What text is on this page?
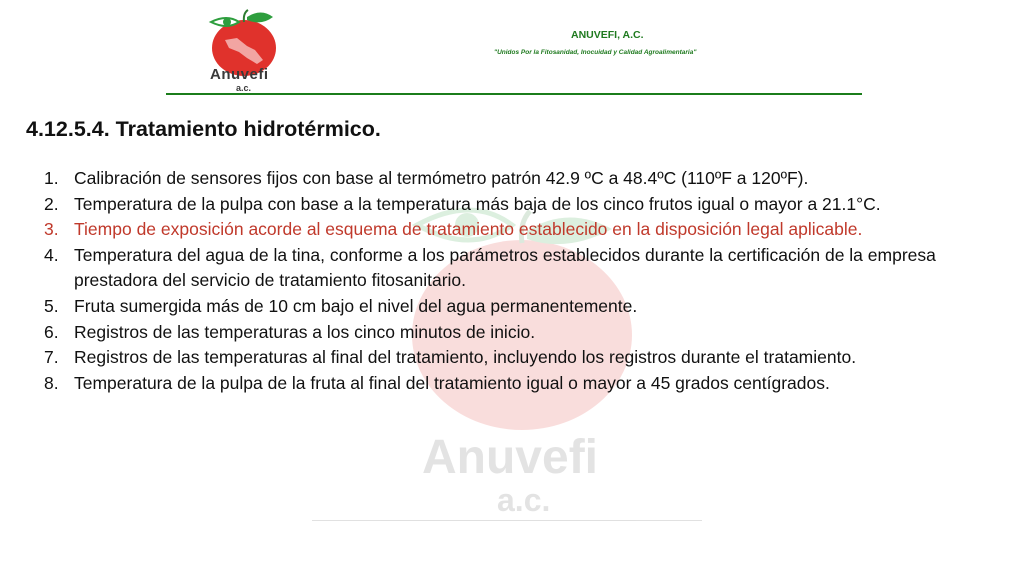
Anuvefi
a.c.
ANUVEFI, A.C.
"Unidos Por la Fitosanidad, Inocuidad y Calidad Agroalimentaria"
Anuvefi
a.c.
4.12.5.4. Tratamiento hidrotérmico.
1. Calibración de sensores fijos con base al termómetro patrón 42.9 ºC a 48.4ºC (110ºF a 120ºF).
2. Temperatura de la pulpa con base a la temperatura más baja de los cinco frutos igual o mayor a 21.1°C.
3. Tiempo de exposición acorde al esquema de tratamiento establecido en la disposición legal aplicable.
4. Temperatura del agua de la tina, conforme a los parámetros establecidos durante la certificación de la empresa prestadora del servicio de tratamiento fitosanitario.
5. Fruta sumergida más de 10 cm bajo el nivel del agua permanentemente.
6. Registros de las temperaturas a los cinco minutos de inicio.
7. Registros de las temperaturas al final del tratamiento, incluyendo los registros durante el tratamiento.
8. Temperatura de la pulpa de la fruta al final del tratamiento igual o mayor a 45 grados centígrados.
